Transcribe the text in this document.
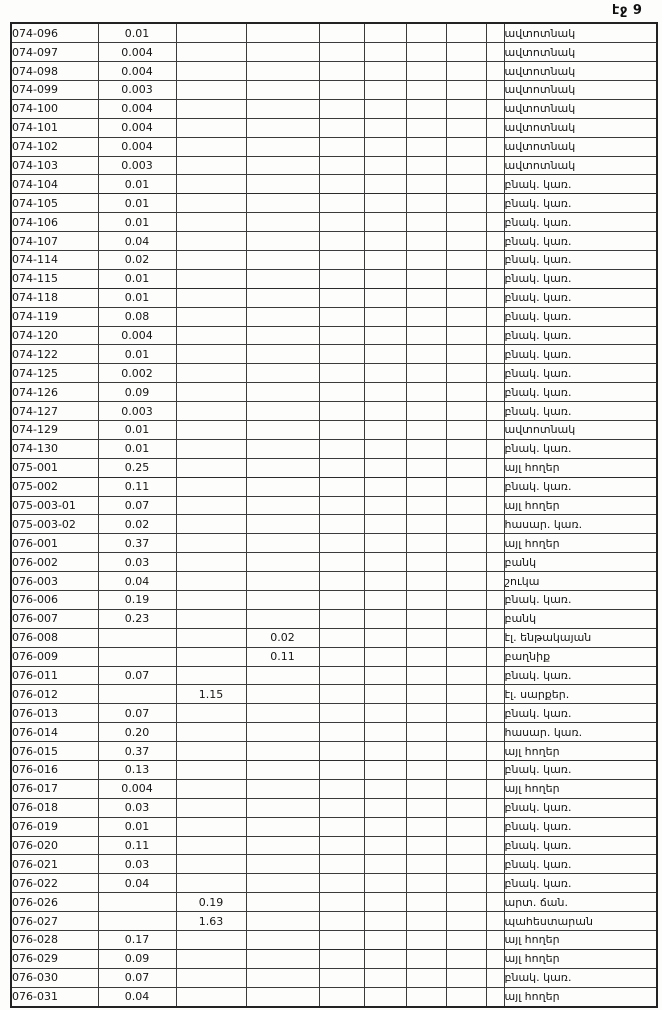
էջ 9
074-096	0.01								ավտոտնակ
074-097	0.004								ավտոտնակ
074-098	0.004								ավտոտնակ
074-099	0.003								ավտոտնակ
074-100	0.004								ավտոտնակ
074-101	0.004								ավտոտնակ
074-102	0.004								ավտոտնակ
074-103	0.003								ավտոտնակ
074-104	0.01								բնակ. կառ.
074-105	0.01								բնակ. կառ.
074-106	0.01								բնակ. կառ.
074-107	0.04								բնակ. կառ.
074-114	0.02								բնակ. կառ.
074-115	0.01								բնակ. կառ.
074-118	0.01								բնակ. կառ.
074-119	0.08								բնակ. կառ.
074-120	0.004								բնակ. կառ.
074-122	0.01								բնակ. կառ.
074-125	0.002								բնակ. կառ.
074-126	0.09								բնակ. կառ.
074-127	0.003								բնակ. կառ.
074-129	0.01								ավտոտնակ
074-130	0.01								բնակ. կառ.
075-001	0.25								այլ հողեր
075-002	0.11								բնակ. կառ.
075-003-01	0.07								այլ հողեր
075-003-02	0.02								հասար. կառ.
076-001	0.37								այլ հողեր
076-002	0.03								բանկ
076-003	0.04								շուկա
076-006	0.19								բնակ. կառ.
076-007	0.23								բանկ
076-008			0.02						էլ. ենթակայան
076-009			0.11						բաղնիք
076-011	0.07								բնակ. կառ.
076-012		1.15							էլ. սարքեր.
076-013	0.07								բնակ. կառ.
076-014	0.20								հասար. կառ.
076-015	0.37								այլ հողեր
076-016	0.13								բնակ. կառ.
076-017	0.004								այլ հողեր
076-018	0.03								բնակ. կառ.
076-019	0.01								բնակ. կառ.
076-020	0.11								բնակ. կառ.
076-021	0.03								բնակ. կառ.
076-022	0.04								բնակ. կառ.
076-026		0.19							արտ. ճան.
076-027		1.63							պահեստարան
076-028	0.17								այլ հողեր
076-029	0.09								այլ հողեր
076-030	0.07								բնակ. կառ.
076-031	0.04								այլ հողեր
